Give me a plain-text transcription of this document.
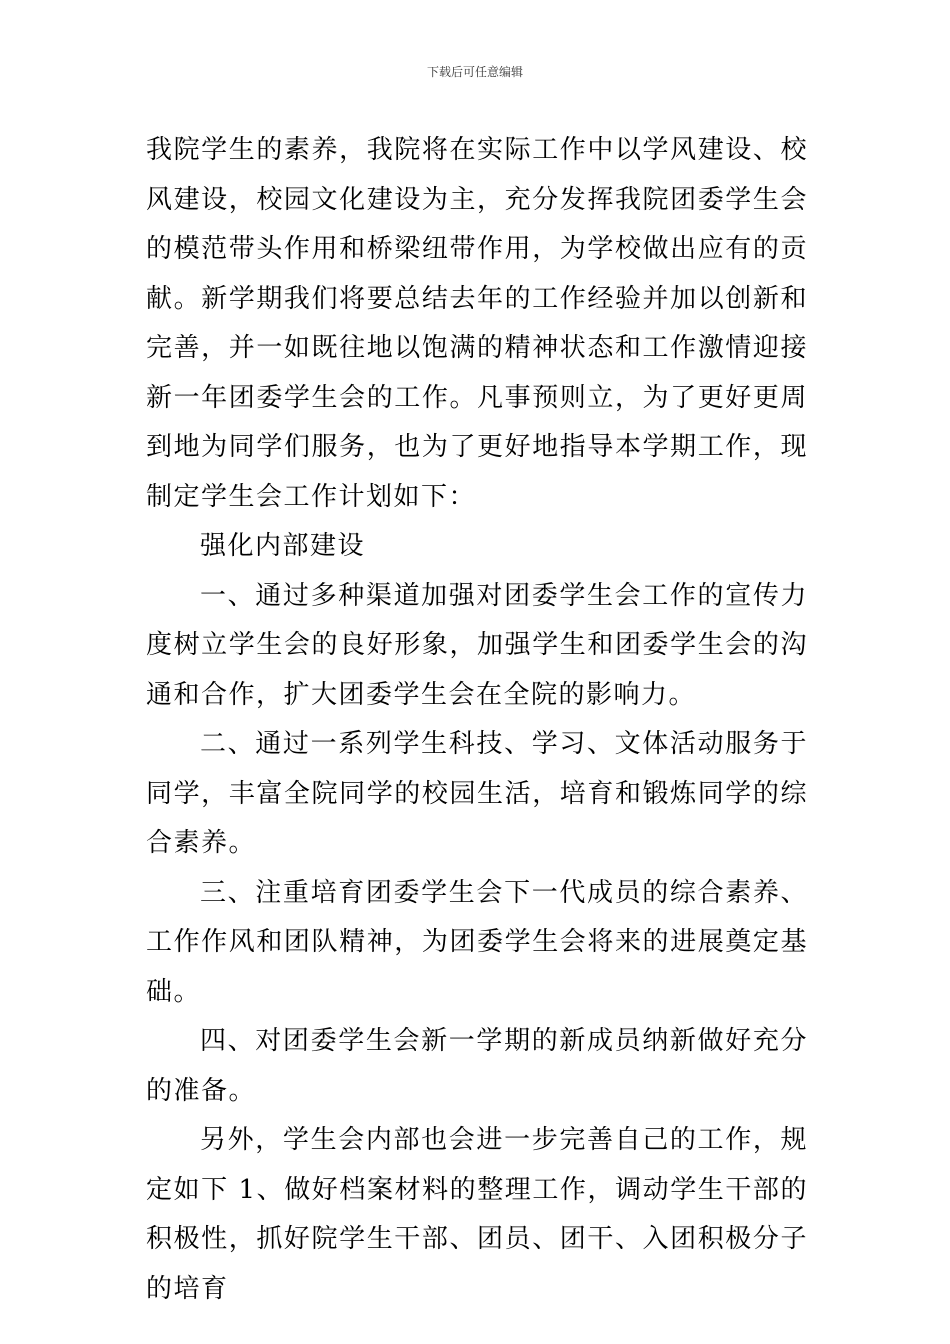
下载后可任意编辑

我院学生的素养，我院将在实际工作中以学风建设、校风建设，校园文化建设为主，充分发挥我院团委学生会的模范带头作用和桥梁纽带作用，为学校做出应有的贡献。新学期我们将要总结去年的工作经验并加以创新和完善，并一如既往地以饱满的精神状态和工作激情迎接新一年团委学生会的工作。凡事预则立，为了更好更周到地为同学们服务，也为了更好地指导本学期工作，现制定学生会工作计划如下：

强化内部建设

一、通过多种渠道加强对团委学生会工作的宣传力度树立学生会的良好形象，加强学生和团委学生会的沟通和合作，扩大团委学生会在全院的影响力。

二、通过一系列学生科技、学习、文体活动服务于同学，丰富全院同学的校园生活，培育和锻炼同学的综合素养。

三、注重培育团委学生会下一代成员的综合素养、工作作风和团队精神，为团委学生会将来的进展奠定基础。

四、对团委学生会新一学期的新成员纳新做好充分的准备。

另外，学生会内部也会进一步完善自己的工作，规定如下 1、做好档案材料的整理工作，调动学生干部的积极性，抓好院学生干部、团员、团干、入团积极分子的培育
